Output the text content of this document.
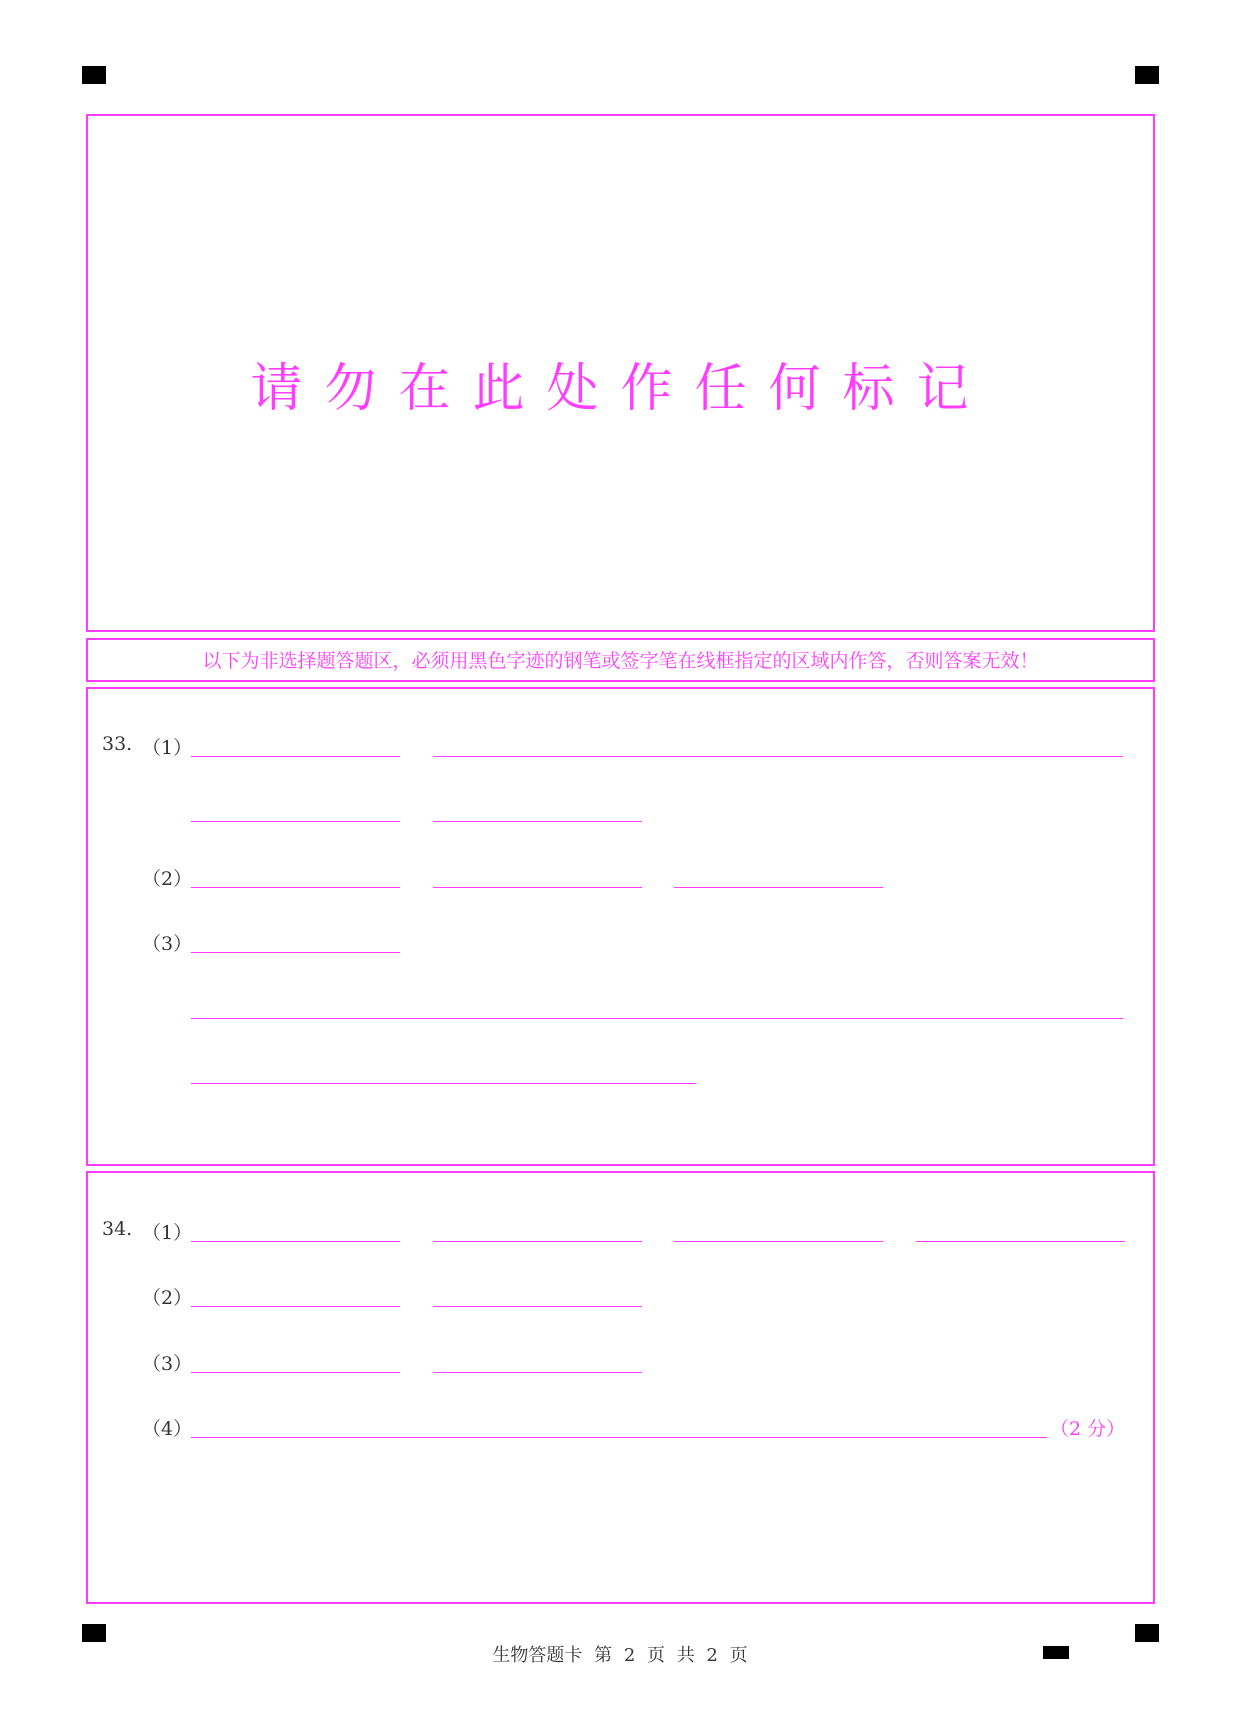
请勿在此处作任何标记
以下为非选择题答题区，必须用黑色字迹的钢笔或签字笔在线框指定的区域内作答，否则答案无效！
33. （1）
（2）
（3）
34. （1）
（2）
（3）
（4）	（2 分）
生物答题卡 第 2 页 共 2 页
